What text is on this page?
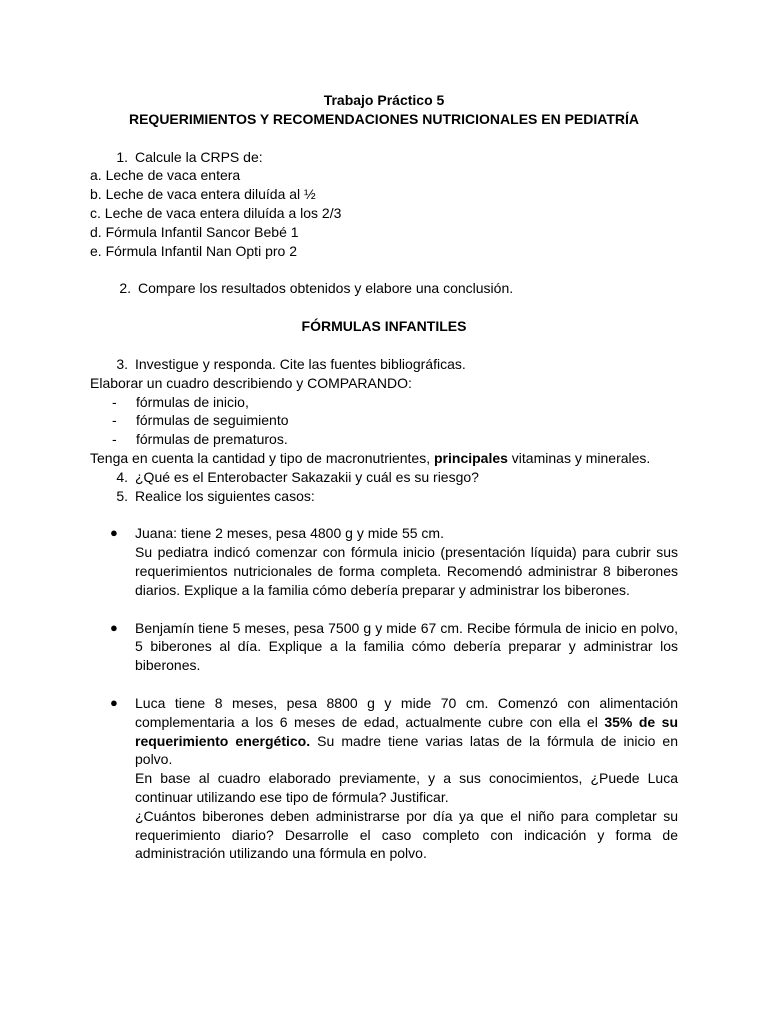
Trabajo Práctico 5

REQUERIMIENTOS Y RECOMENDACIONES NUTRICIONALES EN PEDIATRÍA

1. Calcule la CRPS de:

a. Leche de vaca entera

b. Leche de vaca entera diluída al ½

c. Leche de vaca entera diluída a los 2/3

d. Fórmula Infantil Sancor Bebé 1

e. Fórmula Infantil Nan Opti pro 2

2. Compare los resultados obtenidos y elabore una conclusión.

FÓRMULAS INFANTILES

3. Investigue y responda. Cite las fuentes bibliográficas.

Elaborar un cuadro describiendo y COMPARANDO:

-	fórmulas de inicio,
-	fórmulas de seguimiento
-	fórmulas de prematuros.

Tenga en cuenta la cantidad y tipo de macronutrientes, principales vitaminas y minerales.

4. ¿Qué es el Enterobacter Sakazakii y cuál es su riesgo?
5. Realice los siguientes casos:
●	Juana: tiene 2 meses, pesa 4800 g y mide 55 cm.
Su pediatra indicó comenzar con fórmula inicio (presentación líquida) para cubrir sus requerimientos nutricionales de forma completa. Recomendó administrar 8 biberones diarios. Explique a la familia cómo debería preparar y administrar los biberones.
●	Benjamín tiene 5 meses, pesa 7500 g y mide 67 cm. Recibe fórmula de inicio en polvo, 5 biberones al día. Explique a la familia cómo debería preparar y administrar los biberones.
●	Luca tiene 8 meses, pesa 8800 g y mide 70 cm. Comenzó con alimentación complementaria a los 6 meses de edad, actualmente cubre con ella el 35% de su requerimiento energético. Su madre tiene varias latas de la fórmula de inicio en polvo.
En base al cuadro elaborado previamente, y a sus conocimientos, ¿Puede Luca continuar utilizando ese tipo de fórmula? Justificar.
¿Cuántos biberones deben administrarse por día ya que el niño para completar su requerimiento diario? Desarrolle el caso completo con indicación y forma de administración utilizando una fórmula en polvo.
